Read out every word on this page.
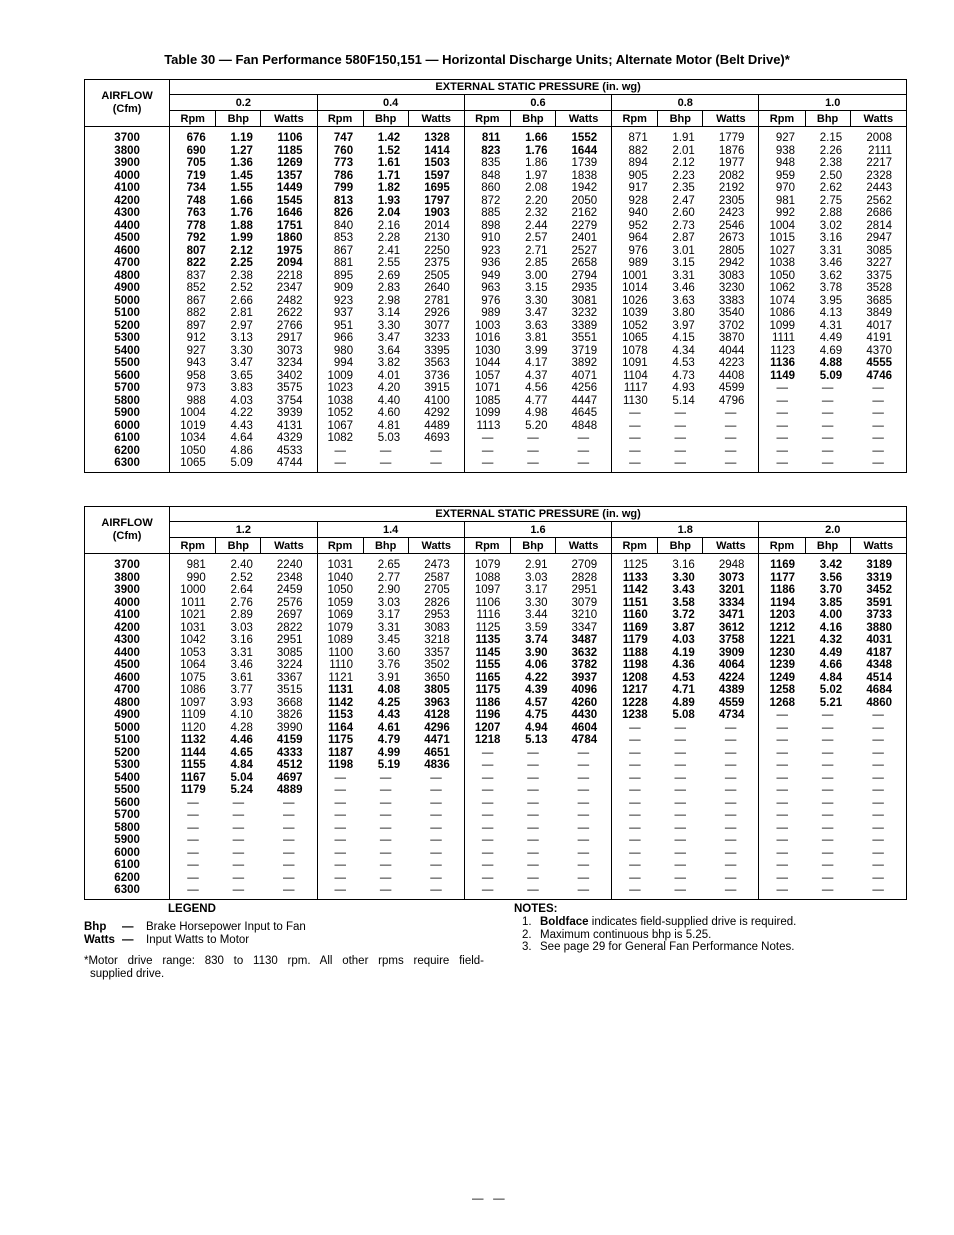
Table 30 — Fan Performance 580F150,151 — Horizontal Discharge Units; Alternate Motor (Belt Drive)*
AIRFLOW
(Cfm)	EXTERNAL STATIC PRESSURE (in. wg)														
	0.2			0.4			0.6			0.8			1.0		
	Rpm	Bhp	Watts	Rpm	Bhp	Watts	Rpm	Bhp	Watts	Rpm	Bhp	Watts	Rpm	Bhp	Watts
3700	676	1.19	1106	747	1.42	1328	811	1.66	1552	871	1.91	1779	927	2.15	2008
3800	690	1.27	1185	760	1.52	1414	823	1.76	1644	882	2.01	1876	938	2.26	2111
3900	705	1.36	1269	773	1.61	1503	835	1.86	1739	894	2.12	1977	948	2.38	2217
4000	719	1.45	1357	786	1.71	1597	848	1.97	1838	905	2.23	2082	959	2.50	2328
4100	734	1.55	1449	799	1.82	1695	860	2.08	1942	917	2.35	2192	970	2.62	2443
4200	748	1.66	1545	813	1.93	1797	872	2.20	2050	928	2.47	2305	981	2.75	2562
4300	763	1.76	1646	826	2.04	1903	885	2.32	2162	940	2.60	2423	992	2.88	2686
4400	778	1.88	1751	840	2.16	2014	898	2.44	2279	952	2.73	2546	1004	3.02	2814
4500	792	1.99	1860	853	2.28	2130	910	2.57	2401	964	2.87	2673	1015	3.16	2947
4600	807	2.12	1975	867	2.41	2250	923	2.71	2527	976	3.01	2805	1027	3.31	3085
4700	822	2.25	2094	881	2.55	2375	936	2.85	2658	989	3.15	2942	1038	3.46	3227
4800	837	2.38	2218	895	2.69	2505	949	3.00	2794	1001	3.31	3083	1050	3.62	3375
4900	852	2.52	2347	909	2.83	2640	963	3.15	2935	1014	3.46	3230	1062	3.78	3528
5000	867	2.66	2482	923	2.98	2781	976	3.30	3081	1026	3.63	3383	1074	3.95	3685
5100	882	2.81	2622	937	3.14	2926	989	3.47	3232	1039	3.80	3540	1086	4.13	3849
5200	897	2.97	2766	951	3.30	3077	1003	3.63	3389	1052	3.97	3702	1099	4.31	4017
5300	912	3.13	2917	966	3.47	3233	1016	3.81	3551	1065	4.15	3870	1111	4.49	4191
5400	927	3.30	3073	980	3.64	3395	1030	3.99	3719	1078	4.34	4044	1123	4.69	4370
5500	943	3.47	3234	994	3.82	3563	1044	4.17	3892	1091	4.53	4223	1136	4.88	4555
5600	958	3.65	3402	1009	4.01	3736	1057	4.37	4071	1104	4.73	4408	1149	5.09	4746
5700	973	3.83	3575	1023	4.20	3915	1071	4.56	4256	1117	4.93	4599	—	—	—
5800	988	4.03	3754	1038	4.40	4100	1085	4.77	4447	1130	5.14	4796	—	—	—
5900	1004	4.22	3939	1052	4.60	4292	1099	4.98	4645	—	—	—	—	—	—
6000	1019	4.43	4131	1067	4.81	4489	1113	5.20	4848	—	—	—	—	—	—
6100	1034	4.64	4329	1082	5.03	4693	—	—	—	—	—	—	—	—	—
6200	1050	4.86	4533	—	—	—	—	—	—	—	—	—	—	—	—
6300	1065	5.09	4744	—	—	—	—	—	—	—	—	—	—	—	—
AIRFLOW
(Cfm)	EXTERNAL STATIC PRESSURE (in. wg)														
	1.2			1.4			1.6			1.8			2.0		
	Rpm	Bhp	Watts	Rpm	Bhp	Watts	Rpm	Bhp	Watts	Rpm	Bhp	Watts	Rpm	Bhp	Watts
3700	981	2.40	2240	1031	2.65	2473	1079	2.91	2709	1125	3.16	2948	1169	3.42	3189
3800	990	2.52	2348	1040	2.77	2587	1088	3.03	2828	1133	3.30	3073	1177	3.56	3319
3900	1000	2.64	2459	1050	2.90	2705	1097	3.17	2951	1142	3.43	3201	1186	3.70	3452
4000	1011	2.76	2576	1059	3.03	2826	1106	3.30	3079	1151	3.58	3334	1194	3.85	3591
4100	1021	2.89	2697	1069	3.17	2953	1116	3.44	3210	1160	3.72	3471	1203	4.00	3733
4200	1031	3.03	2822	1079	3.31	3083	1125	3.59	3347	1169	3.87	3612	1212	4.16	3880
4300	1042	3.16	2951	1089	3.45	3218	1135	3.74	3487	1179	4.03	3758	1221	4.32	4031
4400	1053	3.31	3085	1100	3.60	3357	1145	3.90	3632	1188	4.19	3909	1230	4.49	4187
4500	1064	3.46	3224	1110	3.76	3502	1155	4.06	3782	1198	4.36	4064	1239	4.66	4348
4600	1075	3.61	3367	1121	3.91	3650	1165	4.22	3937	1208	4.53	4224	1249	4.84	4514
4700	1086	3.77	3515	1131	4.08	3805	1175	4.39	4096	1217	4.71	4389	1258	5.02	4684
4800	1097	3.93	3668	1142	4.25	3963	1186	4.57	4260	1228	4.89	4559	1268	5.21	4860
4900	1109	4.10	3826	1153	4.43	4128	1196	4.75	4430	1238	5.08	4734	—	—	—
5000	1120	4.28	3990	1164	4.61	4296	1207	4.94	4604	—	—	—	—	—	—
5100	1132	4.46	4159	1175	4.79	4471	1218	5.13	4784	—	—	—	—	—	—
5200	1144	4.65	4333	1187	4.99	4651	—	—	—	—	—	—	—	—	—
5300	1155	4.84	4512	1198	5.19	4836	—	—	—	—	—	—	—	—	—
5400	1167	5.04	4697	—	—	—	—	—	—	—	—	—	—	—	—
5500	1179	5.24	4889	—	—	—	—	—	—	—	—	—	—	—	—
5600	—	—	—	—	—	—	—	—	—	—	—	—	—	—	—
5700	—	—	—	—	—	—	—	—	—	—	—	—	—	—	—
5800	—	—	—	—	—	—	—	—	—	—	—	—	—	—	—
5900	—	—	—	—	—	—	—	—	—	—	—	—	—	—	—
6000	—	—	—	—	—	—	—	—	—	—	—	—	—	—	—
6100	—	—	—	—	—	—	—	—	—	—	—	—	—	—	—
6200	—	—	—	—	—	—	—	—	—	—	—	—	—	—	—
6300	—	—	—	—	—	—	—	—	—	—	—	—	—	—	—
LEGEND
Bhp — Brake Horsepower Input to Fan
Watts — Input Watts to Motor
*Motor drive range: 830 to 1130 rpm. All other rpms require field-
supplied drive.
NOTES:
1. Boldface indicates field-supplied drive is required.
2. Maximum continuous bhp is 5.25.
3. See page 29 for General Fan Performance Notes.
—   —
